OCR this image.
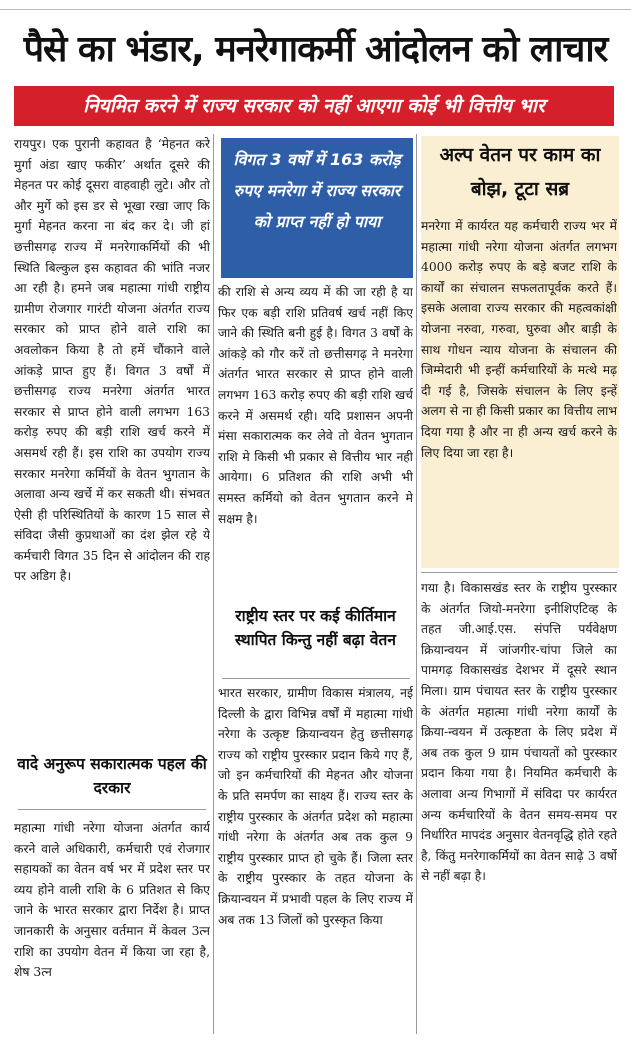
पैसे का भंडार, मनरेगाकर्मी आंदोलन को लाचार
नियमित करने में राज्य सरकार को नहीं आएगा कोई भी वित्तीय भार

रायपुर। एक पुरानी कहावत है ‘मेहनत करे मुर्गा अंडा खाए फकीर’ अर्थात दूसरे की मेहनत पर कोई दूसरा वाहवाही लुटे। और तो और मुर्गे को इस डर से भूखा रखा जाए कि मुर्गा मेहनत करना ना बंद कर दे। जी हां छत्तीसगढ़ राज्य में मनरेगाकर्मियों की भी स्थिति बिल्कुल इस कहावत की भांति नजर आ रही है। हमने जब महात्मा गांधी राष्ट्रीय ग्रामीण रोजगार गारंटी योजना अंतर्गत राज्य सरकार को प्राप्त होने वाले राशि का अवलोकन किया है तो हमें चौंकाने वाले आंकड़े प्राप्त हुए हैं। विगत 3 वर्षों में छत्तीसगढ़ राज्य मनरेगा अंतर्गत भारत सरकार से प्राप्त होने वाली लगभग 163 करोड़ रुपए की बड़ी राशि खर्च करने में असमर्थ रही हैं। इस राशि का उपयोग राज्य सरकार मनरेगा कर्मियों के वेतन भुगतान के अलावा अन्य खर्चे में कर सकती थी। संभवत ऐसी ही परिस्थितियों के कारण 15 साल से संविदा जैसी कुप्रथाओं का दंश झेल रहे ये कर्मचारी विगत 35 दिन से आंदोलन की राह पर अडिग है।

वादे अनुरूप सकारात्मक पहल की दरकार

महात्मा गांधी नरेगा योजना अंतर्गत कार्य करने वाले अधिकारी, कर्मचारी एवं रोजगार सहायकों का वेतन वर्ष भर में प्रदेश स्तर पर व्यय होने वाली राशि के 6 प्रतिशत से किए जाने के भारत सरकार द्वारा निर्देश है। प्राप्त जानकारी के अनुसार वर्तमान में केवल 3त्न राशि का उपयोग वेतन में किया जा रहा है, शेष 3त्न

विगत 3 वर्षों में 163 करोड़ रुपए मनरेगा में राज्य सरकार को प्राप्त नहीं हो पाया

की राशि से अन्य व्यय में की जा रही है या फिर एक बड़ी राशि प्रतिवर्ष खर्च नहीं किए जाने की स्थिति बनी हुई है। विगत 3 वर्षों के आंकड़े को गौर करें तो छत्तीसगढ़ ने मनरेगा अंतर्गत भारत सरकार से प्राप्त होने वाली लगभग 163 करोड़ रुपए की बड़ी राशि खर्च करने में असमर्थ रही। यदि प्रशासन अपनी मंसा सकारात्मक कर लेवे तो वेतन भुगतान राशि मे किसी भी प्रकार से वित्तीय भार नही आयेगा। 6 प्रतिशत की राशि अभी भी समस्त कर्मियो को वेतन भुगतान करने मे सक्षम है।

राष्ट्रीय स्तर पर कई कीर्तिमान स्थापित किन्तु नहीं बढ़ा वेतन

भारत सरकार, ग्रामीण विकास मंत्रालय, नई दिल्ली के द्वारा विभिन्न वर्षों में महात्मा गांधी नरेगा के उत्कृष्ट क्रियान्वयन हेतु छत्तीसगढ़ राज्य को राष्ट्रीय पुरस्कार प्रदान किये गए हैं, जो इन कर्मचारियों की मेहनत और योजना के प्रति समर्पण का साक्ष्य हैं। राज्य स्तर के राष्ट्रीय पुरस्कार के अंतर्गत प्रदेश को महात्मा गांधी नरेगा के अंतर्गत अब तक कुल 9 राष्ट्रीय पुरस्कार प्राप्त हो चुके हैं। जिला स्तर के राष्ट्रीय पुरस्कार के तहत योजना के क्रियान्वयन में प्रभावी पहल के लिए राज्य में अब तक 13 जिलों को पुरस्कृत किया

अल्प वेतन पर काम का बोझ, टूटा सब्र

मनरेगा में कार्यरत यह कर्मचारी राज्य भर में महात्मा गांधी नरेगा योजना अंतर्गत लगभग 4000 करोड़ रुपए के बड़े बजट राशि के कार्यों का संचालन सफलतापूर्वक करते हैं। इसके अलावा राज्य सरकार की महत्वकांक्षी योजना नरुवा, गरुवा, घुरुवा और बाड़ी के साथ गोधन न्याय योजना के संचालन की जिम्मेदारी भी इन्हीं कर्मचारियों के मत्थे मढ़ दी गई है, जिसके संचालन के लिए इन्हें अलग से ना ही किसी प्रकार का वित्तीय लाभ दिया गया है और ना ही अन्य खर्च करने के लिए दिया जा रहा है।

गया है। विकासखंड स्तर के राष्ट्रीय पुरस्कार के अंतर्गत जियो-मनरेगा इनीशिएटिव्ह के तहत जी.आई.एस. संपत्ति पर्यवेक्षण क्रियान्वयन में जांजगीर-चांपा जिले का पामगढ़ विकासखंड देशभर में दूसरे स्थान मिला। ग्राम पंचायत स्तर के राष्ट्रीय पुरस्कार के अंतर्गत महात्मा गांधी नरेगा कार्यों के क्रिया-न्वयन में उत्कृष्टता के लिए प्रदेश में अब तक कुल 9 ग्राम पंचायतों को पुरस्कार प्रदान किया गया है। नियमित कर्मचारी के अलावा अन्य गिभागों में संविदा पर कार्यरत अन्य कर्मचारियों के वेतन समय-समय पर निर्धारित मापदंड अनुसार वेतनवृद्धि होते रहते है, किंतु मनरेगाकर्मियों का वेतन साढ़े 3 वर्षो से नहीं बढ़ा है।
